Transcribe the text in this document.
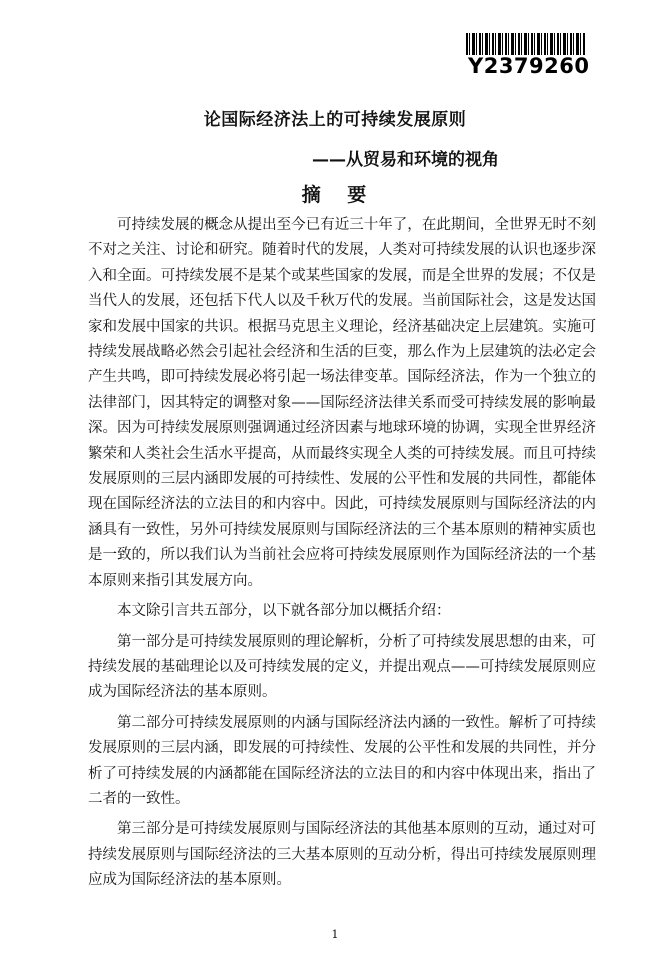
Y2379260
论国际经济法上的可持续发展原则
——从贸易和环境的视角
摘 要

可持续发展的概念从提出至今已有近三十年了，在此期间，全世界无时不刻不对之关注、讨论和研究。随着时代的发展，人类对可持续发展的认识也逐步深入和全面。可持续发展不是某个或某些国家的发展，而是全世界的发展；不仅是当代人的发展，还包括下代人以及千秋万代的发展。当前国际社会，这是发达国家和发展中国家的共识。根据马克思主义理论，经济基础决定上层建筑。实施可持续发展战略必然会引起社会经济和生活的巨变，那么作为上层建筑的法必定会产生共鸣，即可持续发展必将引起一场法律变革。国际经济法，作为一个独立的法律部门，因其特定的调整对象——国际经济法律关系而受可持续发展的影响最深。因为可持续发展原则强调通过经济因素与地球环境的协调，实现全世界经济繁荣和人类社会生活水平提高，从而最终实现全人类的可持续发展。而且可持续发展原则的三层内涵即发展的可持续性、发展的公平性和发展的共同性，都能体现在国际经济法的立法目的和内容中。因此，可持续发展原则与国际经济法的内涵具有一致性，另外可持续发展原则与国际经济法的三个基本原则的精神实质也是一致的，所以我们认为当前社会应将可持续发展原则作为国际经济法的一个基本原则来指引其发展方向。

本文除引言共五部分，以下就各部分加以概括介绍：

第一部分是可持续发展原则的理论解析，分析了可持续发展思想的由来，可持续发展的基础理论以及可持续发展的定义，并提出观点——可持续发展原则应成为国际经济法的基本原则。

第二部分可持续发展原则的内涵与国际经济法内涵的一致性。解析了可持续发展原则的三层内涵，即发展的可持续性、发展的公平性和发展的共同性，并分析了可持续发展的内涵都能在国际经济法的立法目的和内容中体现出来，指出了二者的一致性。

第三部分是可持续发展原则与国际经济法的其他基本原则的互动，通过对可持续发展原则与国际经济法的三大基本原则的互动分析，得出可持续发展原则理应成为国际经济法的基本原则。

1
